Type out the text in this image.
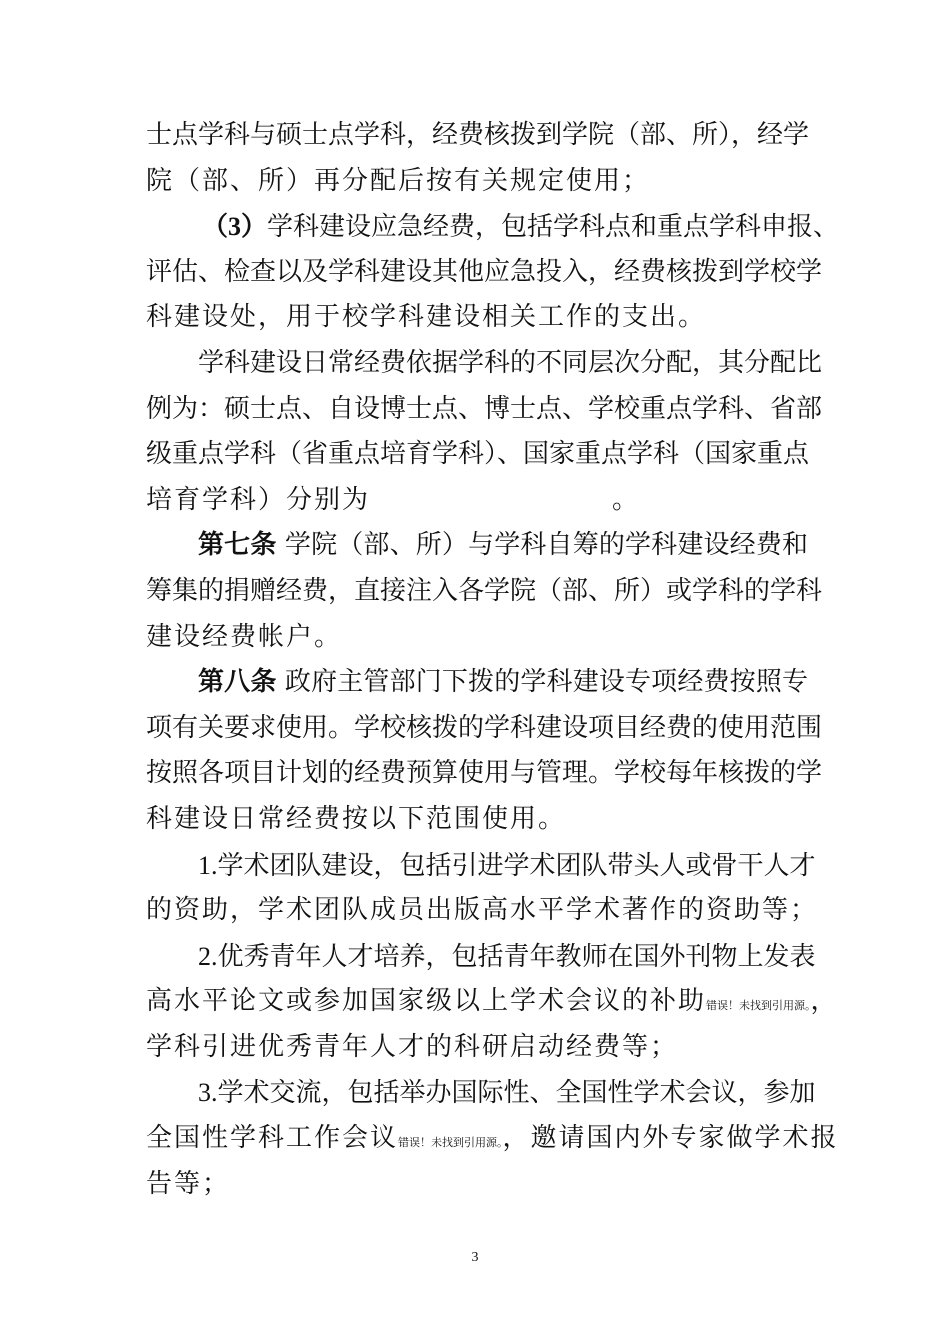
士点学科与硕士点学科，经费核拨到学院（部、所），经学
院（部、所）再分配后按有关规定使用；
（3）学科建设应急经费，包括学科点和重点学科申报、
评估、检查以及学科建设其他应急投入，经费核拨到学校学
科建设处，用于校学科建设相关工作的支出。
学科建设日常经费依据学科的不同层次分配，其分配比
例为：硕士点、自设博士点、博士点、学校重点学科、省部
级重点学科（省重点培育学科）、国家重点学科（国家重点
培育学科）分别为	。
第七条 学院（部、所）与学科自筹的学科建设经费和
筹集的捐赠经费，直接注入各学院（部、所）或学科的学科
建设经费帐户。
第八条 政府主管部门下拨的学科建设专项经费按照专
项有关要求使用。学校核拨的学科建设项目经费的使用范围
按照各项目计划的经费预算使用与管理。学校每年核拨的学
科建设日常经费按以下范围使用。
1.学术团队建设，包括引进学术团队带头人或骨干人才
的资助，学术团队成员出版高水平学术著作的资助等；
2.优秀青年人才培养，包括青年教师在国外刊物上发表
高水平论文或参加国家级以上学术会议的补助错误！未找到引用源。，
学科引进优秀青年人才的科研启动经费等；
3.学术交流，包括举办国际性、全国性学术会议，参加
全国性学科工作会议错误！未找到引用源。，邀请国内外专家做学术报
告等；
3
